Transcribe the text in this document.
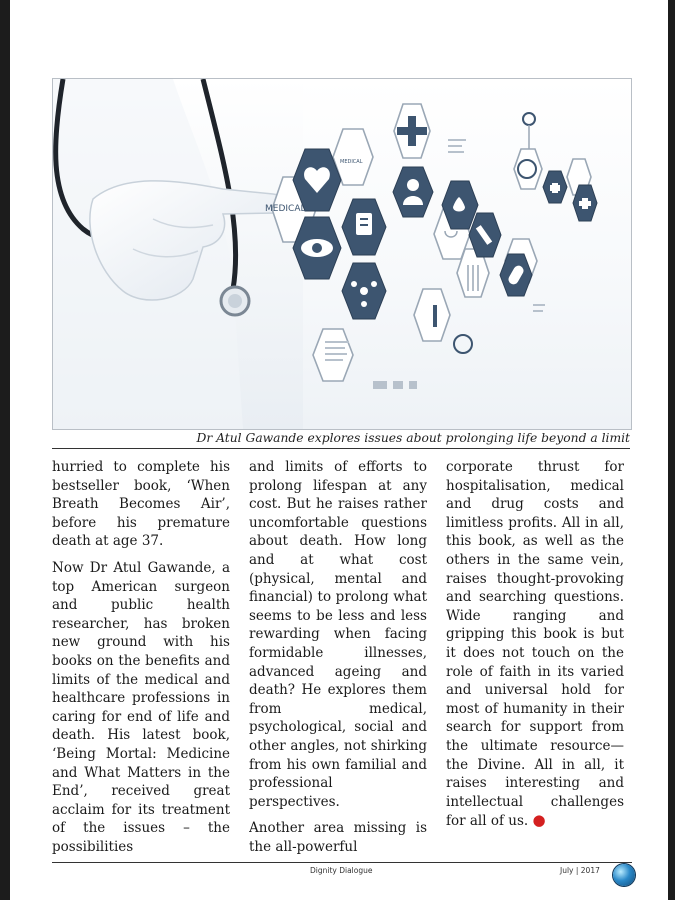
MEDICAL
MEDICAL
Dr Atul Gawande explores issues about prolonging life beyond a limit

hurried to complete his bestseller book, ‘When Breath Becomes Air’, before his premature death at age 37.

Now Dr Atul Gawande, a top American surgeon and public health researcher, has broken new ground with his books on the benefits and limits of the medical and healthcare professions in caring for end of life and death. His latest book, ‘Being Mortal: Medicine and What Matters in the End’, received great acclaim for its treatment of the issues – the possibilities

and limits of efforts to prolong lifespan at any cost. But he raises rather uncomfortable questions about death. How long and at what cost (physical, mental and financial) to prolong what seems to be less and less rewarding when facing formidable illnesses, advanced ageing and death? He explores them from medical, psychological, social and other angles, not shirking from his own familial and professional perspectives.

Another area missing is the all-powerful

corporate thrust for hospitalisation, medical and drug costs and limitless profits. All in all, this book, as well as the others in the same vein, raises thought-provoking and searching questions. Wide ranging and gripping this book is but it does not touch on the role of faith in its varied and universal hold for most of humanity in their search for support from the ultimate resource—the Divine. All in all, it raises interesting and intellectual challenges for all of us. ●

Dignity Dialogue	July | 2017
